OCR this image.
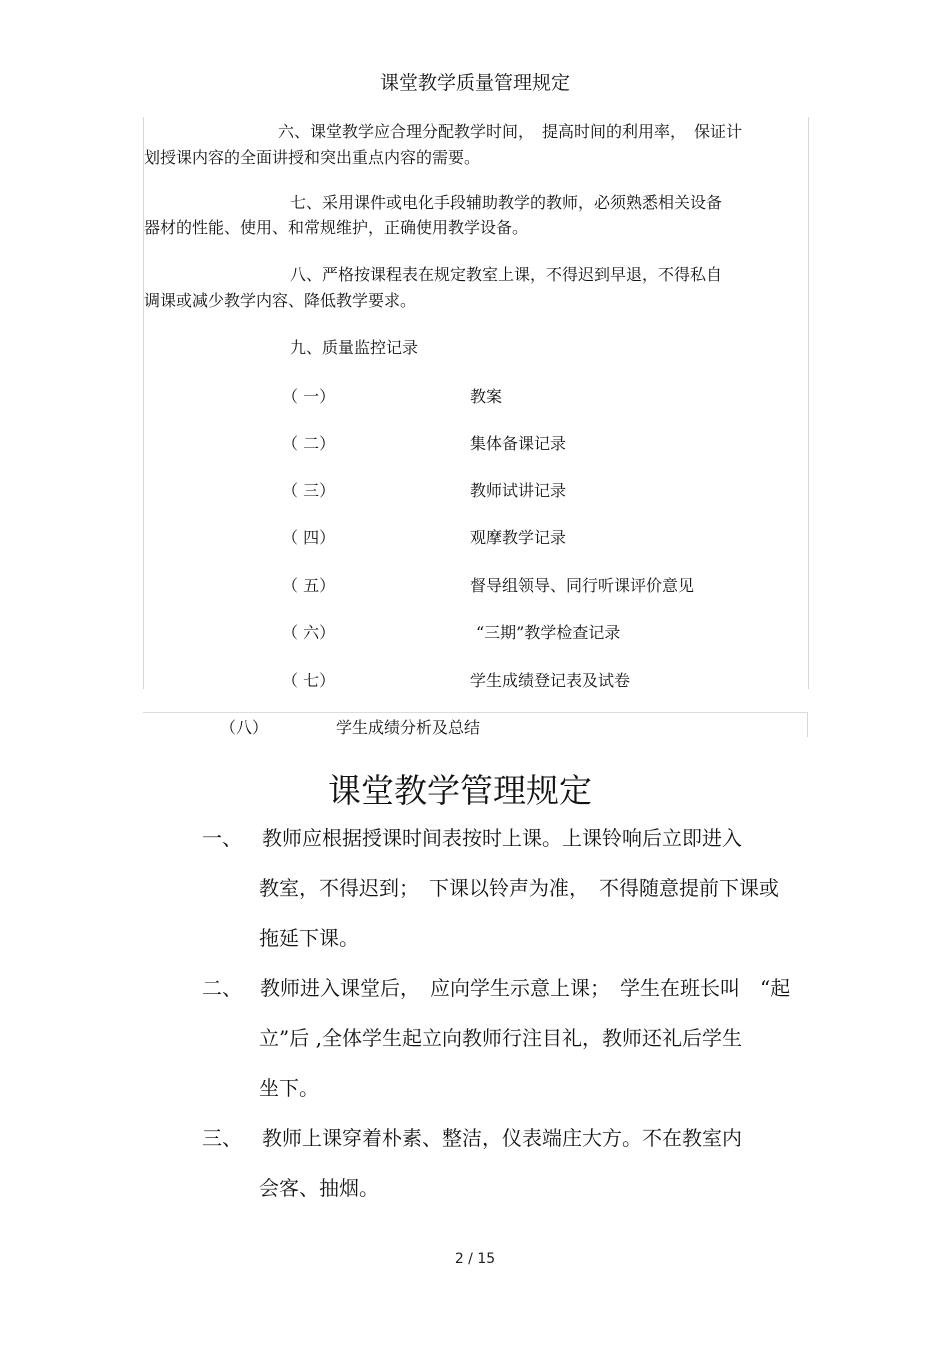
课堂教学质量管理规定
六、课堂教学应合理分配教学时间，　提高时间的利用率，　保证计
划授课内容的全面讲授和突出重点内容的需要。
七、采用课件或电化手段辅助教学的教师，必须熟悉相关设备
器材的性能、使用、和常规维护，正确使用教学设备。
八、严格按课程表在规定教室上课，不得迟到早退，不得私自
调课或减少教学内容、降低教学要求。
九、质量监控记录
（ 一）	教案
（ 二）	集体备课记录
（ 三）	教师试讲记录
（ 四）	观摩教学记录
（ 五）	督导组领导、同行听课评价意见
（ 六）	“三期”教学检查记录
（ 七）	学生成绩登记表及试卷
（八）	学生成绩分析及总结
课堂教学管理规定
一、 教师应根据授课时间表按时上课。上课铃响后立即进入
教室，不得迟到；　下课以铃声为准，　不得随意提前下课或
拖延下课。
二、 教师进入课堂后，　应向学生示意上课；　学生在班长叫　“起
立”后 ,全体学生起立向教师行注目礼，教师还礼后学生
坐下。
三、 教师上课穿着朴素、整洁，仪表端庄大方。不在教室内
会客、抽烟。
2 / 15
